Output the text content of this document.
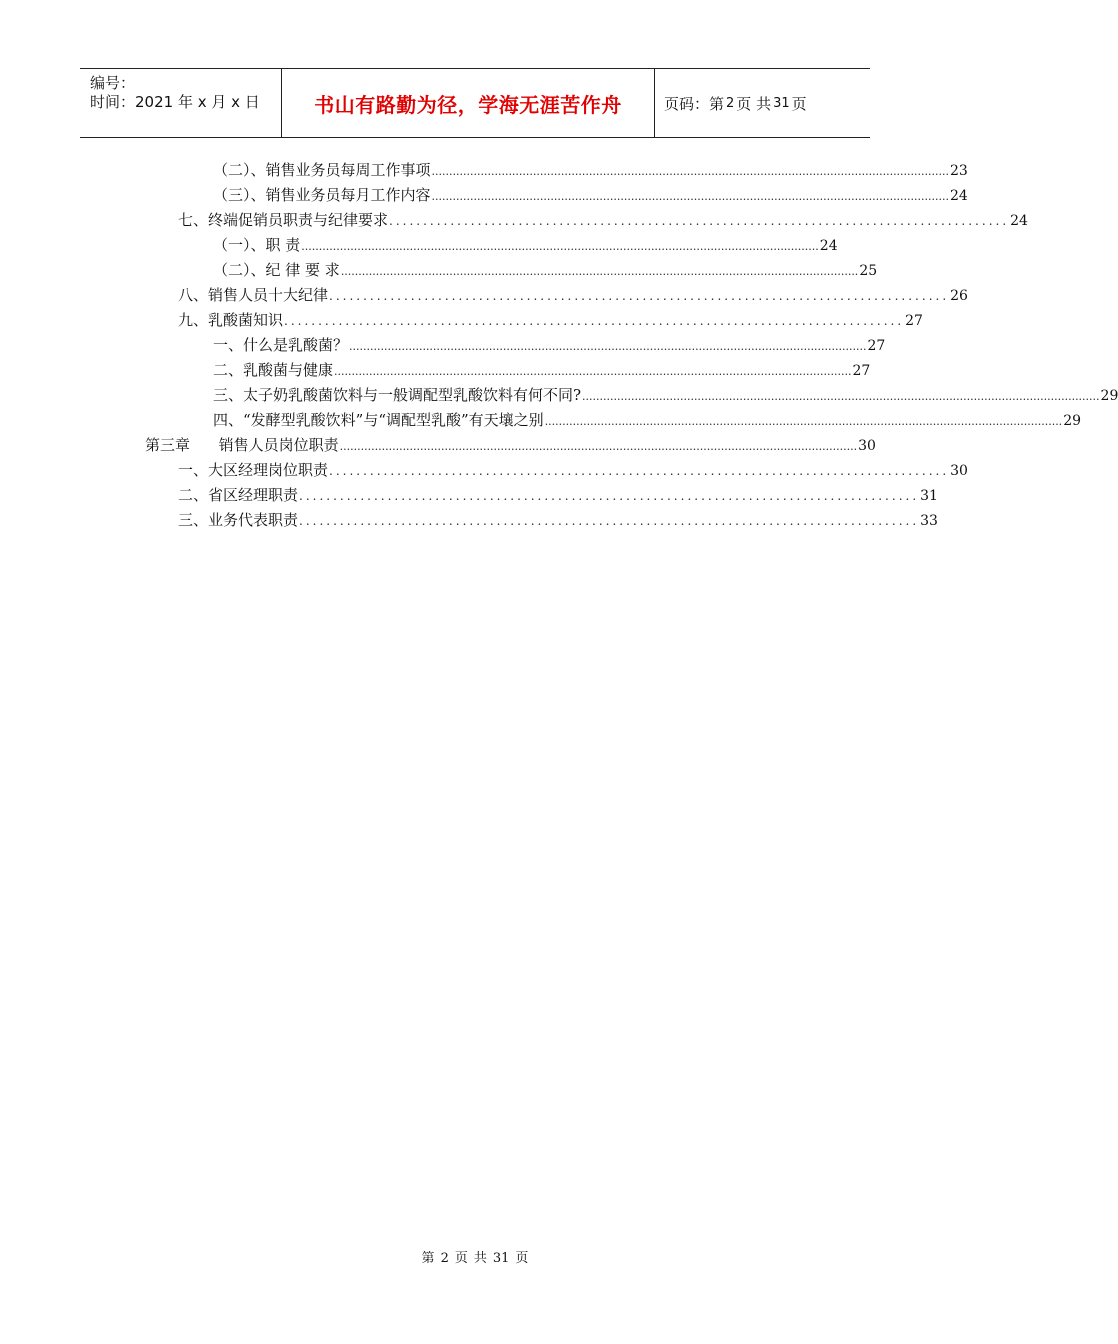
编号：
时间：2021 年 x 月 x 日	书山有路勤为径，学海无涯苦作舟	页码：第 2 页 共 31 页
（二）、销售业务员每周工作事项 .................................................................................................................................................... 23
（三）、销售业务员每月工作内容 .................................................................................................................................................... 24
七、终端促销员职责与纪律要求 ........................................................................................... 24
（一）、职 责 .................................................................................................................................................... 24
（二）、纪 律 要 求 .................................................................................................................................................... 25
八、销售人员十大纪律 ........................................................................................... 26
九、乳酸菌知识 ........................................................................................... 27
一、什么是乳酸菌？ .................................................................................................................................................... 27
二、乳酸菌与健康 .................................................................................................................................................... 27
三、太子奶乳酸菌饮料与一般调配型乳酸饮料有何不同? .................................................................................................................................................... 29
四、“发酵型乳酸饮料”与“调配型乳酸”有天壤之别 .................................................................................................................................................... 29
第三章      销售人员岗位职责 .................................................................................................................................................... 30
一、大区经理岗位职责 ........................................................................................... 30
二、省区经理职责 ........................................................................................... 31
三、业务代表职责 ........................................................................................... 33
第 2 页 共 31 页
